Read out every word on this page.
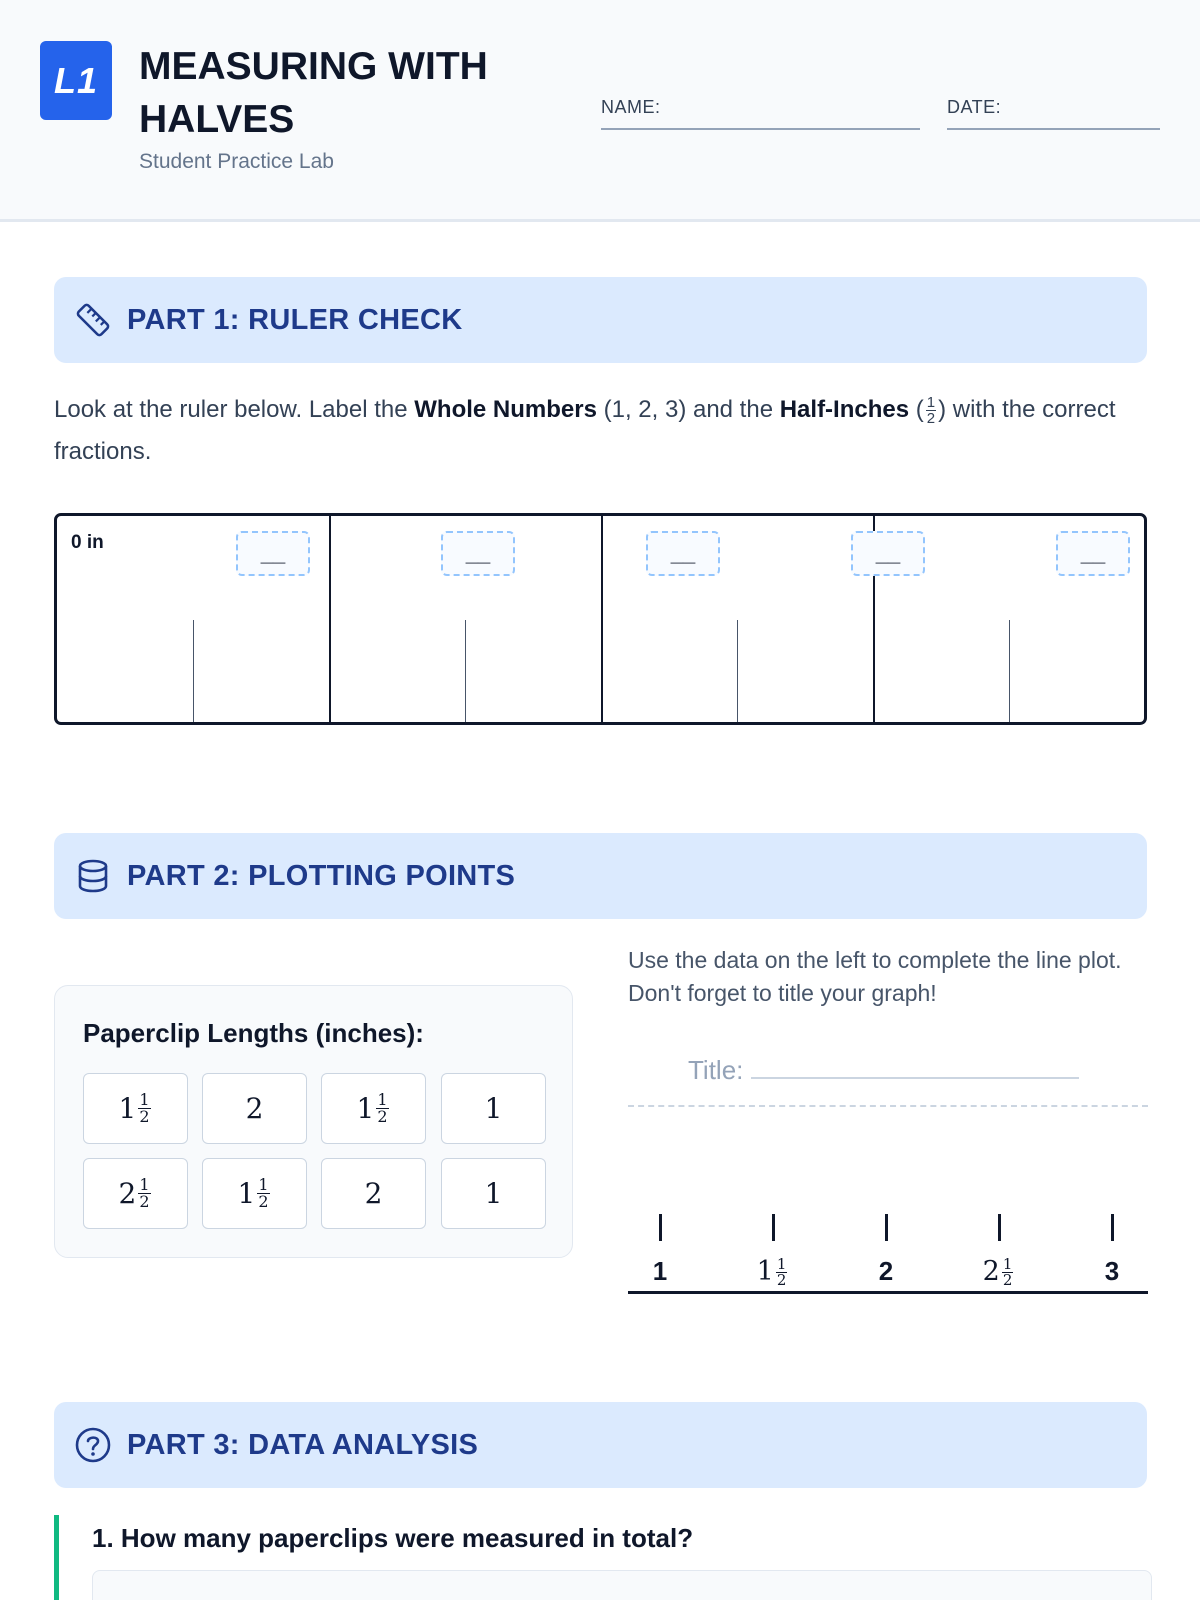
L1	MEASURING WITH HALVES
Student Practice Lab
NAME:	DATE:
PART 1: RULER CHECK
Look at the ruler below. Label the Whole Numbers (1, 2, 3) and the Half-Inches ( $\frac{1}{2}$ ) with the correct fractions.
0 in	__	__	__	__	__
PART 2: PLOTTING POINTS
Paperclip Lengths (inches):
$1 \frac{1}{2}$	2	$1 \frac{1}{2}$	1
$2 \frac{1}{2}$	$1 \frac{1}{2}$	2	1
Use the data on the left to complete the line plot. Don't forget to title your graph!
Title:
1	$1 \frac{1}{2}$	2	$2 \frac{1}{2}$	3
PART 3: DATA ANALYSIS
1. How many paperclips were measured in total?
